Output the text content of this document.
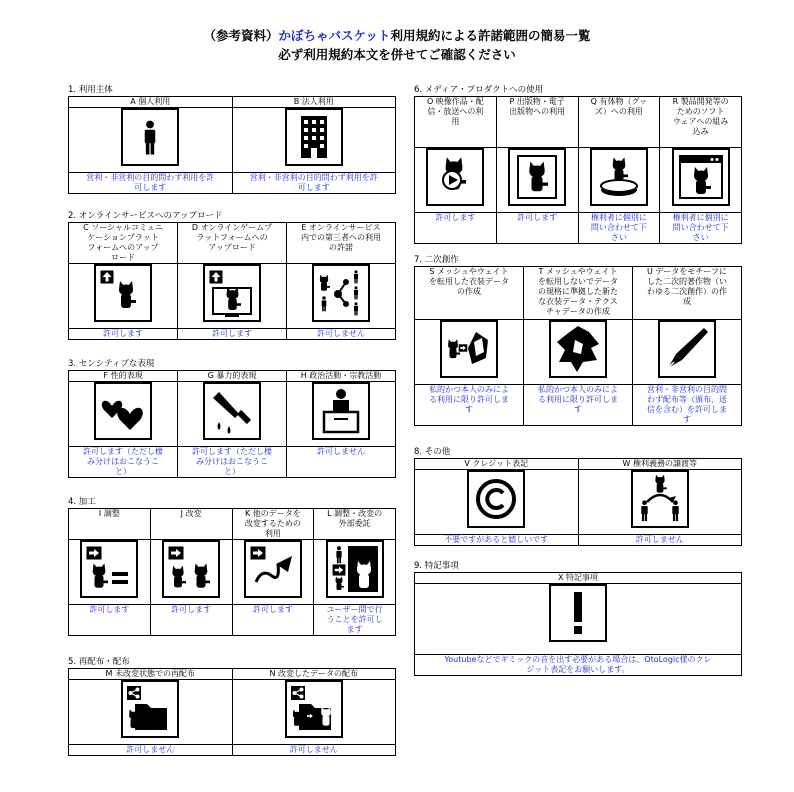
（参考資料）かぼちゃバスケット利用規約による許諾範囲の簡易一覧
必ず利用規約本文を併せてご確認ください
1. 利用主体
A 個人利用	B 法人利用

営利・非営利の目的問わず利用を許
可します	営利・非営利の目的問わず利用を許
可します
2. オンラインサービスへのアップロード
C ソーシャルコミュニ
ケーションプラット
フォームへのアップ
ロード	D オンラインゲームプ
ラットフォームへの
アップロード	E オンラインサービス
内での第三者への利用
の許諾

許可します	許可します	許可しません
3. センシティブな表現
F 性的表現	G 暴力的表現	H 政治活動・宗教活動

許可します（ただし棲
み分けはおこなうこ
と）	許可します（ただし棲
み分けはおこなうこ
と）	許可しません
4. 加工
I 調整	J 改変	K 他のデータを
改変するための
利用	L 調整・改変の
外部委託

許可します	許可します	許可します	ユーザー間で行
うことを許可し
ます
5. 再配布・配布
M 未改変状態での再配布	N 改変したデータの配布

許可しません	許可しません
6. メディア・プロダクトへの使用
O 映像作品・配
信・放送への利
用	P 出版物・電子
出版物への利用	Q 有体物（グッ
ズ）への利用	R 製品開発等の
ためのソフト
ウェアへの組み
込み

許可します	許可します	権利者に個別に
問い合わせて下
さい	権利者に個別に
問い合わせて下
さい
7. 二次創作
S メッシュやウェイト
を転用した衣装データ
の作成	T メッシュやウェイト
を転用しないでデータ
の規格に準拠した新た
な衣装データ・テクス
チャデータの作成	U データをモチーフに
した二次的著作物（い
わゆる二次創作）の作
成

私的かつ本人のみによ
る利用に限り許可しま
す	私的かつ本人のみによ
る利用に限り許可しま
す	営利・非営利の目的問
わず配布等（頒布、送
信を含む）を許可しま
す
8. その他
V クレジット表記	W 権利義務の譲渡等

不要ですがあると嬉しいです	許可しません
9. 特記事項
X 特記事項

Youtubeなどでギミックの音を出す必要がある場合は、OtoLogic様のクレ
ジット表記をお願いします。
